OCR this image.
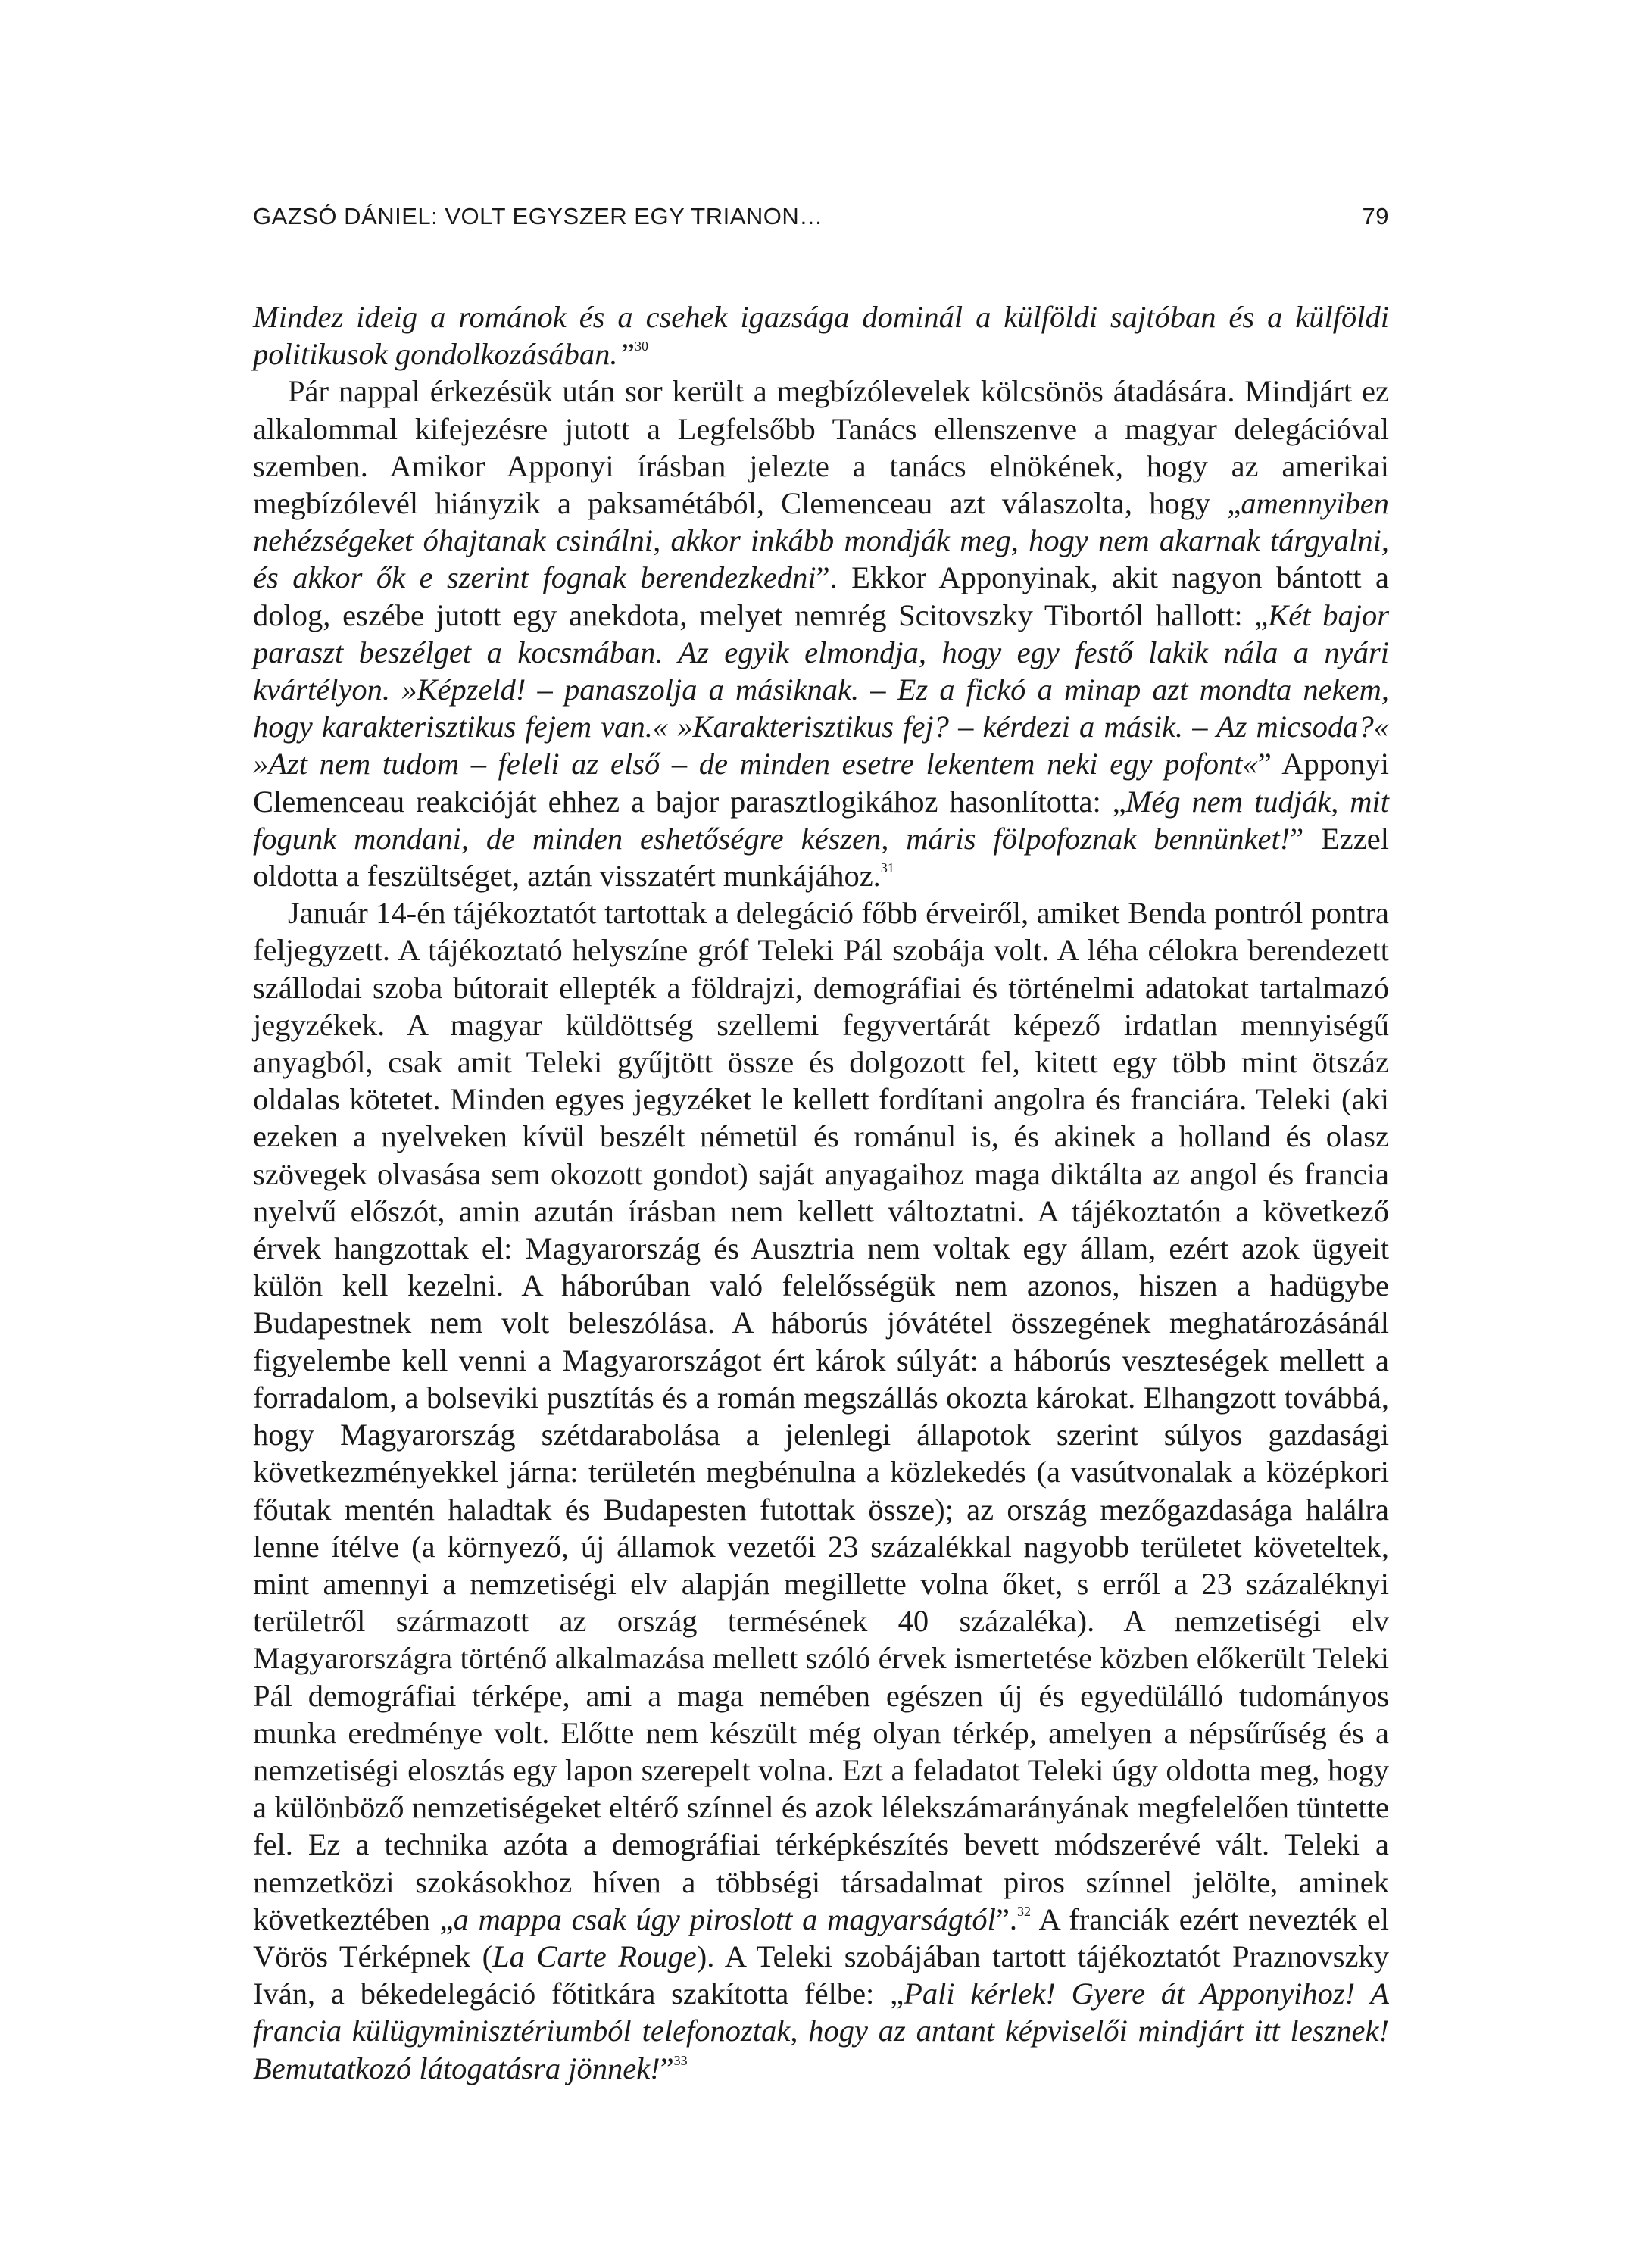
GAZSÓ DÁNIEL: VOLT EGYSZER EGY TRIANON…	79

Mindez ideig a románok és a csehek igazsága dominál a külföldi sajtóban és a külföldi politikusok gondolkozásában.”$^{30}$

Pár nappal érkezésük után sor került a megbízólevelek kölcsönös átadására. Mindjárt ez alkalommal kifejezésre jutott a Legfelsőbb Tanács ellenszenve a magyar delegációval szemben. Amikor Apponyi írásban jelezte a tanács elnökének, hogy az amerikai megbízólevél hiányzik a paksamétából, Clemenceau azt válaszolta, hogy „amennyiben nehézségeket óhajtanak csinálni, akkor inkább mondják meg, hogy nem akarnak tárgyalni, és akkor ők e szerint fognak berendezkedni”. Ekkor Apponyinak, akit nagyon bántott a dolog, eszébe jutott egy anekdota, melyet nemrég Scitovszky Tibortól hallott: „Két bajor paraszt beszélget a kocsmában. Az egyik elmondja, hogy egy festő lakik nála a nyári kvártélyon. »Képzeld! – panaszolja a másiknak. – Ez a fickó a minap azt mondta nekem, hogy karakterisztikus fejem van.« »Karakterisztikus fej? – kérdezi a másik. – Az micsoda?« »Azt nem tudom – feleli az első – de minden esetre lekentem neki egy pofont«” Apponyi Clemenceau reakcióját ehhez a bajor parasztlogikához hasonlította: „Még nem tudják, mit fogunk mondani, de minden eshetőségre készen, máris fölpofoznak bennünket!” Ezzel oldotta a feszültséget, aztán visszatért munkájához.$^{31}$

Január 14-én tájékoztatót tartottak a delegáció főbb érveiről, amiket Benda pontról pontra feljegyzett. A tájékoztató helyszíne gróf Teleki Pál szobája volt. A léha célokra berendezett szállodai szoba bútorait ellepték a földrajzi, demográfiai és történelmi adatokat tartalmazó jegyzékek. A magyar küldöttség szellemi fegyvertárát képező irdatlan mennyiségű anyagból, csak amit Teleki gyűjtött össze és dolgozott fel, kitett egy több mint ötszáz oldalas kötetet. Minden egyes jegyzéket le kellett fordítani angolra és franciára. Teleki (aki ezeken a nyelveken kívül beszélt németül és románul is, és akinek a holland és olasz szövegek olvasása sem okozott gondot) saját anyagaihoz maga diktálta az angol és francia nyelvű előszót, amin azután írásban nem kellett változtatni. A tájékoztatón a következő érvek hangzottak el: Magyarország és Ausztria nem voltak egy állam, ezért azok ügyeit külön kell kezelni. A háborúban való felelősségük nem azonos, hiszen a hadügybe Budapestnek nem volt beleszólása. A háborús jóvátétel összegének meghatározásánál figyelembe kell venni a Magyarországot ért károk súlyát: a háborús veszteségek mellett a forradalom, a bolseviki pusztítás és a román megszállás okozta károkat. Elhangzott továbbá, hogy Magyarország szétdarabolása a jelenlegi állapotok szerint súlyos gazdasági következményekkel járna: területén megbénulna a közlekedés (a vasútvonalak a középkori főutak mentén haladtak és Budapesten futottak össze); az ország mezőgazdasága halálra lenne ítélve (a környező, új államok vezetői 23 százalékkal nagyobb területet követeltek, mint amennyi a nemzetiségi elv alapján megillette volna őket, s erről a 23 százaléknyi területről származott az ország termésének 40 százaléka). A nemzetiségi elv Magyarországra történő alkalmazása mellett szóló érvek ismertetése közben előkerült Teleki Pál demográfiai térképe, ami a maga nemében egészen új és egyedülálló tudományos munka eredménye volt. Előtte nem készült még olyan térkép, amelyen a népsűrűség és a nemzetiségi elosztás egy lapon szerepelt volna. Ezt a feladatot Teleki úgy oldotta meg, hogy a különböző nemzetiségeket eltérő színnel és azok lélekszámarányának megfelelően tüntette fel. Ez a technika azóta a demográfiai térképkészítés bevett módszerévé vált. Teleki a nemzetközi szokásokhoz híven a többségi társadalmat piros színnel jelölte, aminek következtében „a mappa csak úgy piroslott a magyarságtól”.$^{32}$ A franciák ezért nevezték el Vörös Térképnek (La Carte Rouge). A Teleki szobájában tartott tájékoztatót Praznovszky Iván, a békedelegáció főtitkára szakította félbe: „Pali kérlek! Gyere át Apponyihoz! A francia külügyminisztériumból telefonoztak, hogy az antant képviselői mindjárt itt lesznek! Bemutatkozó látogatásra jönnek!”$^{33}$
